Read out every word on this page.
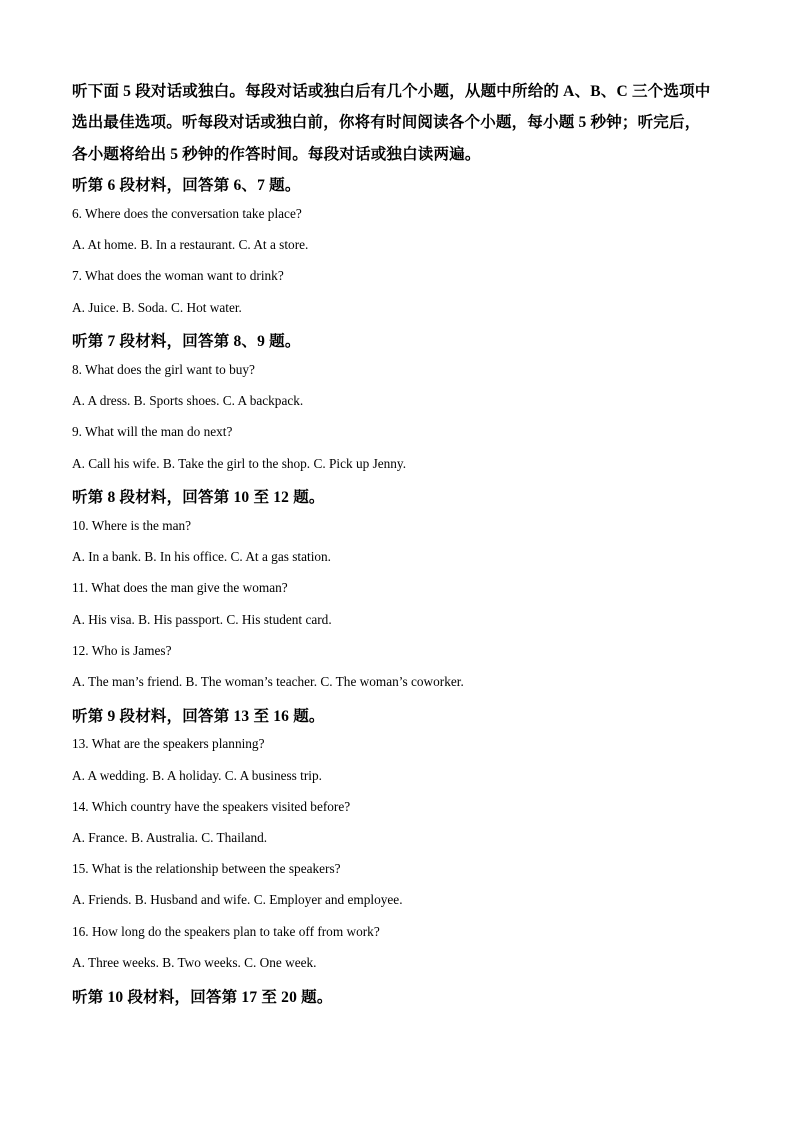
听下面 5 段对话或独白。每段对话或独白后有几个小题，从题中所给的 A、B、C 三个选项中
选出最佳选项。听每段对话或独白前，你将有时间阅读各个小题，每小题 5 秒钟；听完后，
各小题将给出 5 秒钟的作答时间。每段对话或独白读两遍。
听第 6 段材料，回答第 6、7 题。
6. Where does the conversation take place?
A. At home. B. In a restaurant. C. At a store.
7. What does the woman want to drink?
A. Juice. B. Soda. C. Hot water.
听第 7 段材料，回答第 8、9 题。
8. What does the girl want to buy?
A. A dress. B. Sports shoes. C. A backpack.
9. What will the man do next?
A. Call his wife. B. Take the girl to the shop. C. Pick up Jenny.
听第 8 段材料，回答第 10 至 12 题。
10. Where is the man?
A. In a bank. B. In his office. C. At a gas station.
11. What does the man give the woman?
A. His visa. B. His passport. C. His student card.
12. Who is James?
A. The man’s friend. B. The woman’s teacher. C. The woman’s coworker.
听第 9 段材料，回答第 13 至 16 题。
13. What are the speakers planning?
A. A wedding. B. A holiday. C. A business trip.
14. Which country have the speakers visited before?
A. France. B. Australia. C. Thailand.
15. What is the relationship between the speakers?
A. Friends. B. Husband and wife. C. Employer and employee.
16. How long do the speakers plan to take off from work?
A. Three weeks. B. Two weeks. C. One week.
听第 10 段材料，回答第 17 至 20 题。
